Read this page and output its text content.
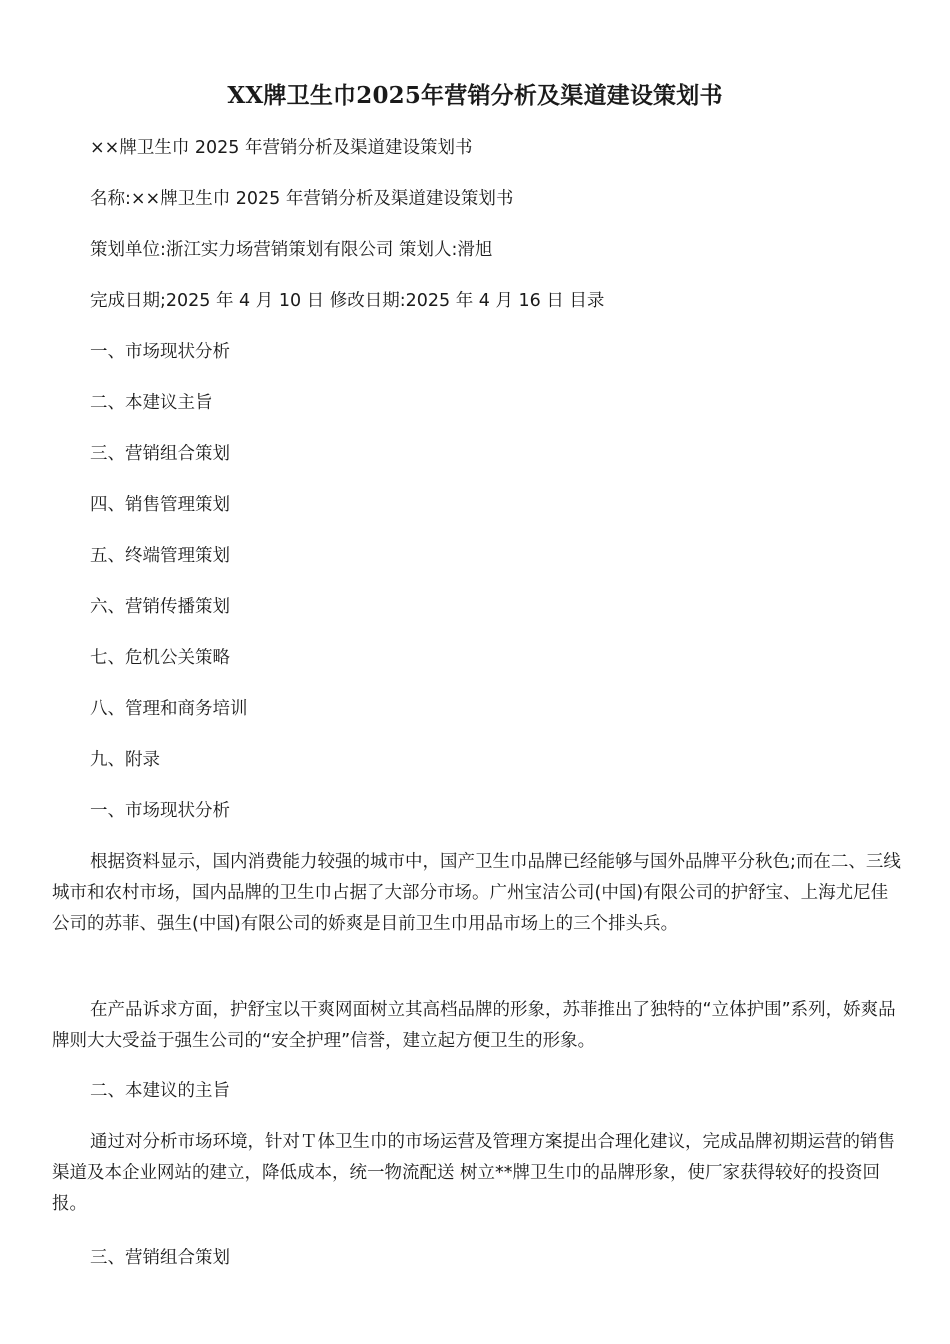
XX牌卫生巾2025年营销分析及渠道建设策划书

××牌卫生巾 2025 年营销分析及渠道建设策划书

名称:××牌卫生巾 2025 年营销分析及渠道建设策划书

策划单位:浙江实力场营销策划有限公司 策划人:滑旭

完成日期;2025 年 4 月 10 日 修改日期:2025 年 4 月 16 日 目录

一、市场现状分析

二、本建议主旨

三、营销组合策划

四、销售管理策划

五、终端管理策划

六、营销传播策划

七、危机公关策略

八、管理和商务培训

九、附录

一、市场现状分析

根据资料显示，国内消费能力较强的城市中，国产卫生巾品牌已经能够与国外品牌平分秋色;而在二、三线城市和农村市场，国内品牌的卫生巾占据了大部分市场。广州宝洁公司(中国)有限公司的护舒宝、上海尤尼佳公司的苏菲、强生(中国)有限公司的娇爽是目前卫生巾用品市场上的三个排头兵。

在产品诉求方面，护舒宝以干爽网面树立其高档品牌的形象，苏菲推出了独特的“立体护围”系列，娇爽品牌则大大受益于强生公司的“安全护理”信誉，建立起方便卫生的形象。

二、本建议的主旨

通过对分析市场环境，针对Ｔ体卫生巾的市场运营及管理方案提出合理化建议，完成品牌初期运营的销售渠道及本企业网站的建立，降低成本，统一物流配送 树立**牌卫生巾的品牌形象，使厂家获得较好的投资回报。

三、营销组合策划
